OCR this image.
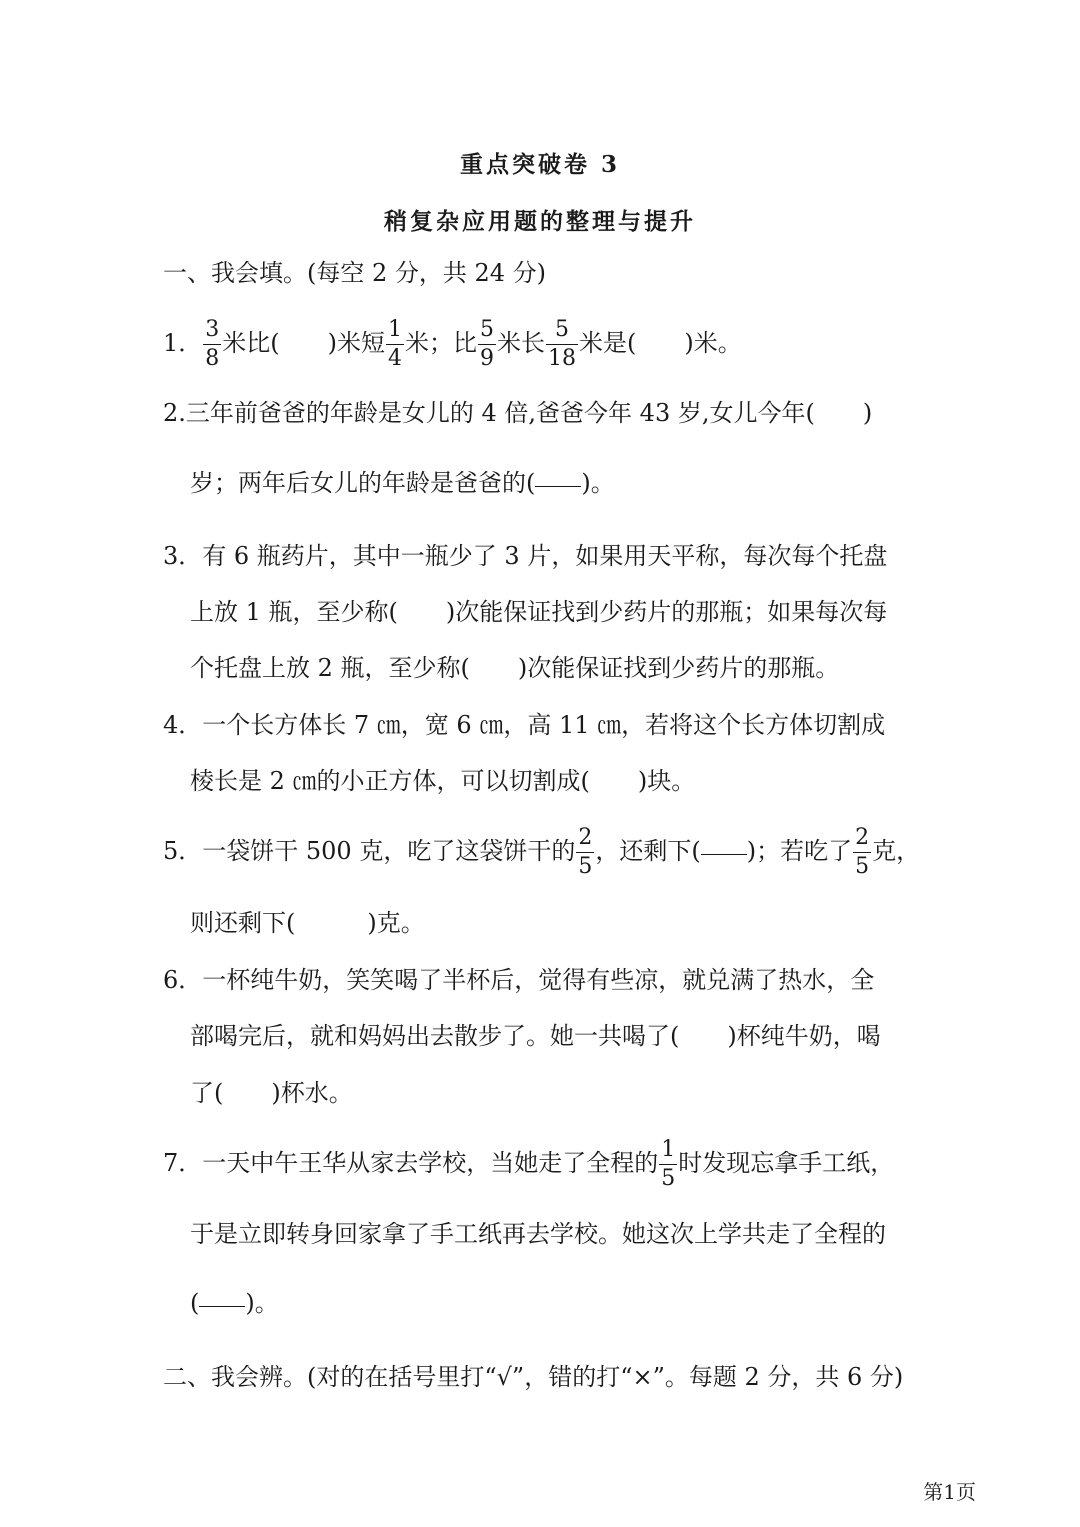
重点突破卷 3
稍复杂应用题的整理与提升
一、我会填。(每空 2 分，共 24 分)
1． $\frac{3}{8}$ 米比(　　)米短 $\frac{1}{4}$ 米；比 $\frac{5}{9}$ 米长 $\frac{5}{18}$ 米是(　　)米。
2.三年前爸爸的年龄是女儿的 4 倍,爸爸今年 43 岁,女儿今年(　　)
岁；两年后女儿的年龄是爸爸的( )。
3．有 6 瓶药片，其中一瓶少了 3 片，如果用天平称，每次每个托盘
上放 1 瓶，至少称(　　)次能保证找到少药片的那瓶；如果每次每
个托盘上放 2 瓶，至少称(　　)次能保证找到少药片的那瓶。
4．一个长方体长 7 ㎝，宽 6 ㎝，高 11 ㎝，若将这个长方体切割成
棱长是 2 ㎝的小正方体，可以切割成(　　)块。
5．一袋饼干 500 克，吃了这袋饼干的 $\frac{2}{5}$ ，还剩下( )；若吃了 $\frac{2}{5}$ 克，
则还剩下(　　　)克。
6．一杯纯牛奶，笑笑喝了半杯后，觉得有些凉，就兑满了热水，全
部喝完后，就和妈妈出去散步了。她一共喝了(　　)杯纯牛奶，喝
了(　　)杯水。
7．一天中午王华从家去学校，当她走了全程的 $\frac{1}{5}$ 时发现忘拿手工纸，
于是立即转身回家拿了手工纸再去学校。她这次上学共走了全程的
( )。
二、我会辨。(对的在括号里打“√”，错的打“×”。每题 2 分，共 6 分)
第1页
